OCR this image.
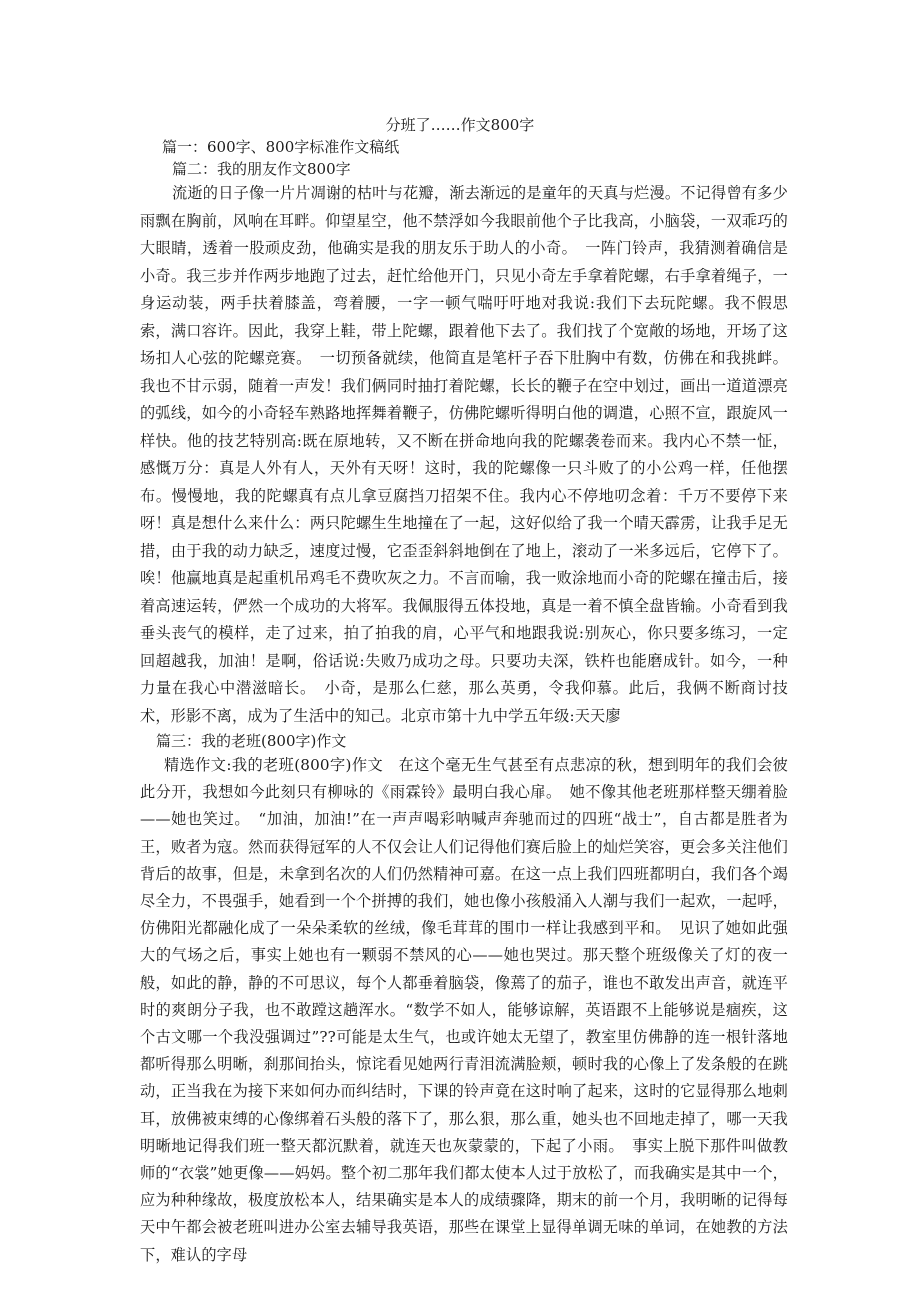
分班了……作文800字

篇一：600字、800字标准作文稿纸

篇二：我的朋友作文800字

流逝的日子像一片片凋谢的枯叶与花瓣，渐去渐远的是童年的天真与烂漫。不记得曾有多少雨飘在胸前，风响在耳畔。仰望星空，他不禁浮如今我眼前他个子比我高，小脑袋，一双乖巧的大眼睛，透着一股顽皮劲，他确实是我的朋友乐于助人的小奇。　一阵门铃声，我猜测着确信是小奇。我三步并作两步地跑了过去，赶忙给他开门，只见小奇左手拿着陀螺，右手拿着绳子，一身运动装，两手扶着膝盖，弯着腰，一字一顿气喘吁吁地对我说:我们下去玩陀螺。我不假思索，满口容许。因此，我穿上鞋，带上陀螺，跟着他下去了。我们找了个宽敞的场地，开场了这场扣人心弦的陀螺竞赛。　一切预备就续，他简直是笔杆子吞下肚胸中有数，仿佛在和我挑衅。我也不甘示弱，随着一声发！我们俩同时抽打着陀螺，长长的鞭子在空中划过，画出一道道漂亮的弧线，如今的小奇轻车熟路地挥舞着鞭子，仿佛陀螺听得明白他的调遣，心照不宣，跟旋风一样快。他的技艺特别高:既在原地转，又不断在拼命地向我的陀螺袭卷而来。我内心不禁一怔，感慨万分：真是人外有人，天外有天呀！这时，我的陀螺像一只斗败了的小公鸡一样，任他摆布。慢慢地，我的陀螺真有点儿拿豆腐挡刀招架不住。我内心不停地叨念着：千万不要停下来呀！真是想什么来什么：两只陀螺生生地撞在了一起，这好似给了我一个晴天霹雳，让我手足无措，由于我的动力缺乏，速度过慢，它歪歪斜斜地倒在了地上，滚动了一米多远后，它停下了。唉！他赢地真是起重机吊鸡毛不费吹灰之力。不言而喻，我一败涂地而小奇的陀螺在撞击后，接着高速运转，俨然一个成功的大将军。我佩服得五体投地，真是一着不慎全盘皆输。小奇看到我垂头丧气的模样，走了过来，拍了拍我的肩，心平气和地跟我说:别灰心，你只要多练习，一定回超越我，加油！是啊，俗话说:失败乃成功之母。只要功夫深，铁杵也能磨成针。如今，一种力量在我心中潜滋暗长。　小奇，是那么仁慈，那么英勇，令我仰慕。此后，我俩不断商讨技术，形影不离，成为了生活中的知己。北京市第十九中学五年级:天天廖

篇三：我的老班(800字)作文

精选作文:我的老班(800字)作文　在这个毫无生气甚至有点悲凉的秋，想到明年的我们会彼此分开，我想如今此刻只有柳咏的《雨霖铃》最明白我心扉。　她不像其他老班那样整天绷着脸——她也笑过。　“加油，加油!”在一声声喝彩呐喊声奔驰而过的四班“战士”，自古都是胜者为王，败者为寇。然而获得冠军的人不仅会让人们记得他们赛后脸上的灿烂笑容，更会多关注他们背后的故事，但是，未拿到名次的人们仍然精神可嘉。在这一点上我们四班都明白，我们各个竭尽全力，不畏强手，她看到一个个拼搏的我们，她也像小孩般涌入人潮与我们一起欢，一起呼，仿佛阳光都融化成了一朵朵柔软的丝绒，像毛茸茸的围巾一样让我感到平和。　见识了她如此强大的气场之后，事实上她也有一颗弱不禁风的心——她也哭过。那天整个班级像关了灯的夜一般，如此的静，静的不可思议，每个人都垂着脑袋，像蔫了的茄子，谁也不敢发出声音，就连平时的爽朗分子我，也不敢蹚这趟浑水。“数学不如人，能够谅解，英语跟不上能够说是痼疾，这个古文哪一个我没强调过”??可能是太生气，也或许她太无望了，教室里仿佛静的连一根针落地都听得那么明晰，刹那间抬头，惊诧看见她两行青泪流满脸颊，顿时我的心像上了发条般的在跳动，正当我在为接下来如何办而纠结时，下课的铃声竟在这时响了起来，这时的它显得那么地刺耳，放佛被束缚的心像绑着石头般的落下了，那么狠，那么重，她头也不回地走掉了，哪一天我明晰地记得我们班一整天都沉默着，就连天也灰蒙蒙的，下起了小雨。　事实上脱下那件叫做教师的“衣裳”她更像——妈妈。整个初二那年我们都太使本人过于放松了，而我确实是其中一个，应为种种缘故，极度放松本人，结果确实是本人的成绩骤降，期末的前一个月，我明晰的记得每天中午都会被老班叫进办公室去辅导我英语，那些在课堂上显得单调无味的单词，在她教的方法下，难认的字母
